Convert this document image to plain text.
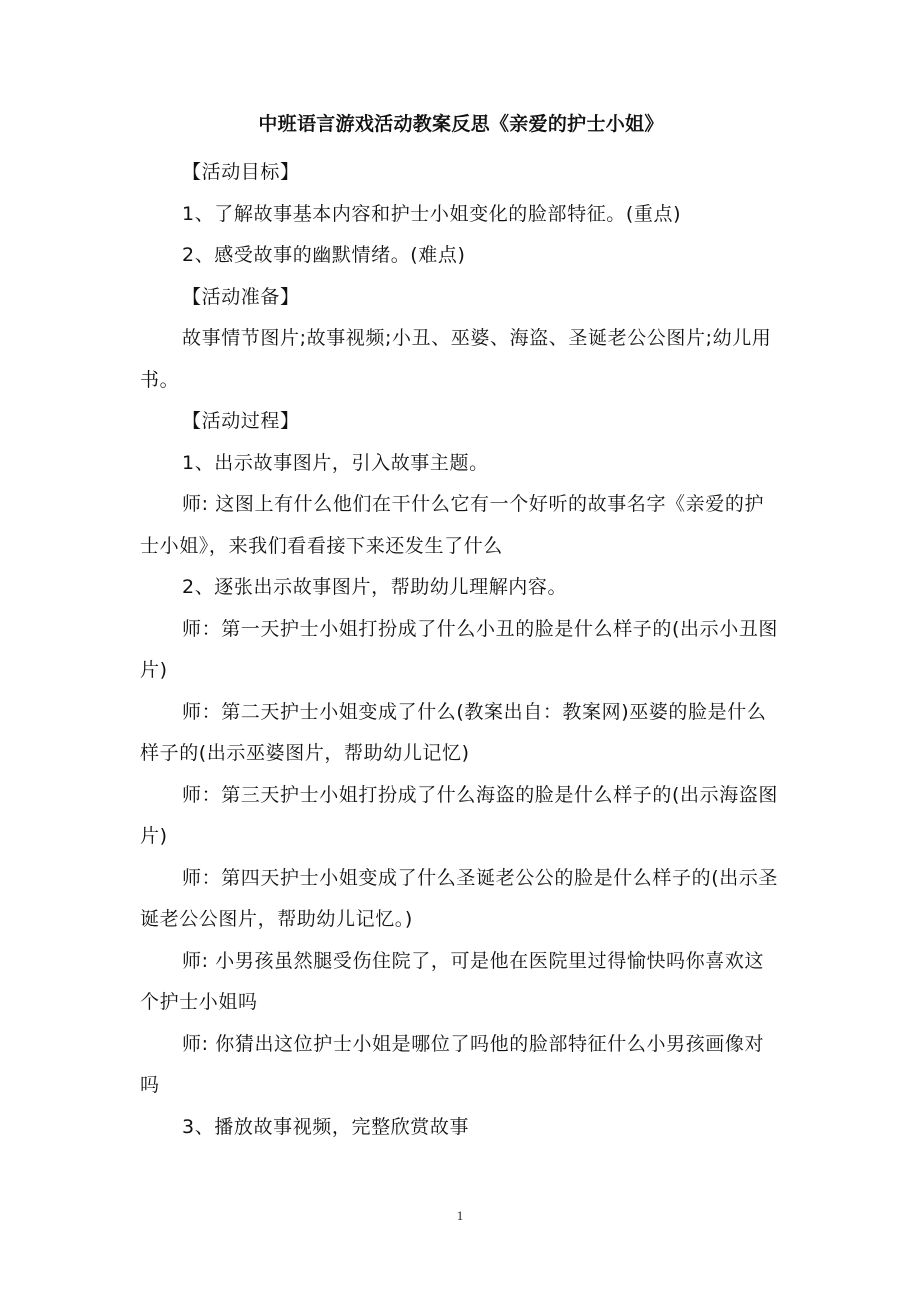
中班语言游戏活动教案反思《亲爱的护士小姐》

【活动目标】

1、了解故事基本内容和护士小姐变化的脸部特征。(重点)

2、感受故事的幽默情绪。(难点)

【活动准备】

故事情节图片;故事视频;小丑、巫婆、海盗、圣诞老公公图片;幼儿用书。

【活动过程】

1、出示故事图片，引入故事主题。

师: 这图上有什么他们在干什么它有一个好听的故事名字《亲爱的护士小姐》，来我们看看接下来还发生了什么

2、逐张出示故事图片，帮助幼儿理解内容。

师：第一天护士小姐打扮成了什么小丑的脸是什么样子的(出示小丑图片)

师：第二天护士小姐变成了什么(教案出自：教案网)巫婆的脸是什么样子的(出示巫婆图片，帮助幼儿记忆)

师：第三天护士小姐打扮成了什么海盗的脸是什么样子的(出示海盗图片)

师：第四天护士小姐变成了什么圣诞老公公的脸是什么样子的(出示圣诞老公公图片，帮助幼儿记忆。)

师: 小男孩虽然腿受伤住院了，可是他在医院里过得愉快吗你喜欢这个护士小姐吗

师: 你猜出这位护士小姐是哪位了吗他的脸部特征什么小男孩画像对吗

3、播放故事视频，完整欣赏故事

1
